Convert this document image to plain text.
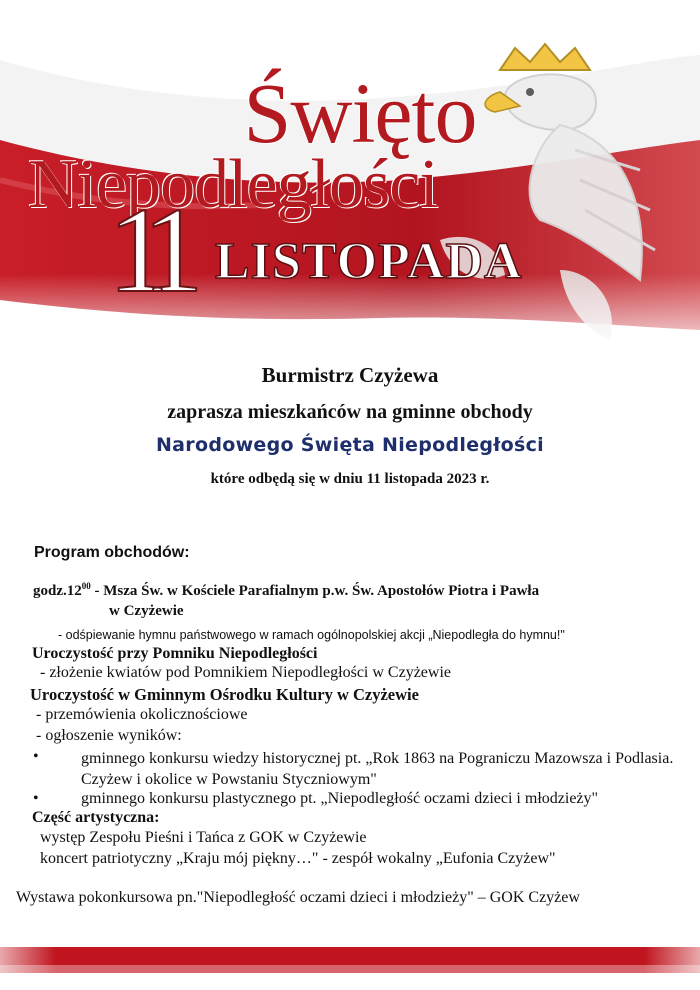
Święto
Niepodległości
11 LISTOPADA
Burmistrz Czyżewa
zaprasza mieszkańców na gminne obchody
Narodowego Święta Niepodległości
które odbędą się w dniu 11 listopada 2023 r.
Program obchodów:
$godz.12^{00}$ - Msza Św. w Kościele Parafialnym p.w. Św. Apostołów Piotra i Pawła
w Czyżewie
- odśpiewanie hymnu państwowego w ramach ogólnopolskiej akcji „Niepodległa do hymnu!"
Uroczystość przy Pomniku Niepodległości
- złożenie kwiatów pod Pomnikiem Niepodległości w Czyżewie
Uroczystość w Gminnym Ośrodku Kultury w Czyżewie
- przemówienia okolicznościowe
- ogłoszenie wyników:
•	gminnego konkursu wiedzy historycznej pt. „Rok 1863 na Pograniczu Mazowsza i Podlasia. Czyżew i okolice w Powstaniu Styczniowym"
•	gminnego konkursu plastycznego pt. „Niepodległość oczami dzieci i młodzieży"
Część artystyczna:
występ Zespołu Pieśni i Tańca z GOK w Czyżewie
koncert patriotyczny „Kraju mój piękny…" - zespół wokalny „Eufonia Czyżew"
Wystawa pokonkursowa pn."Niepodległość oczami dzieci i młodzieży" – GOK Czyżew
